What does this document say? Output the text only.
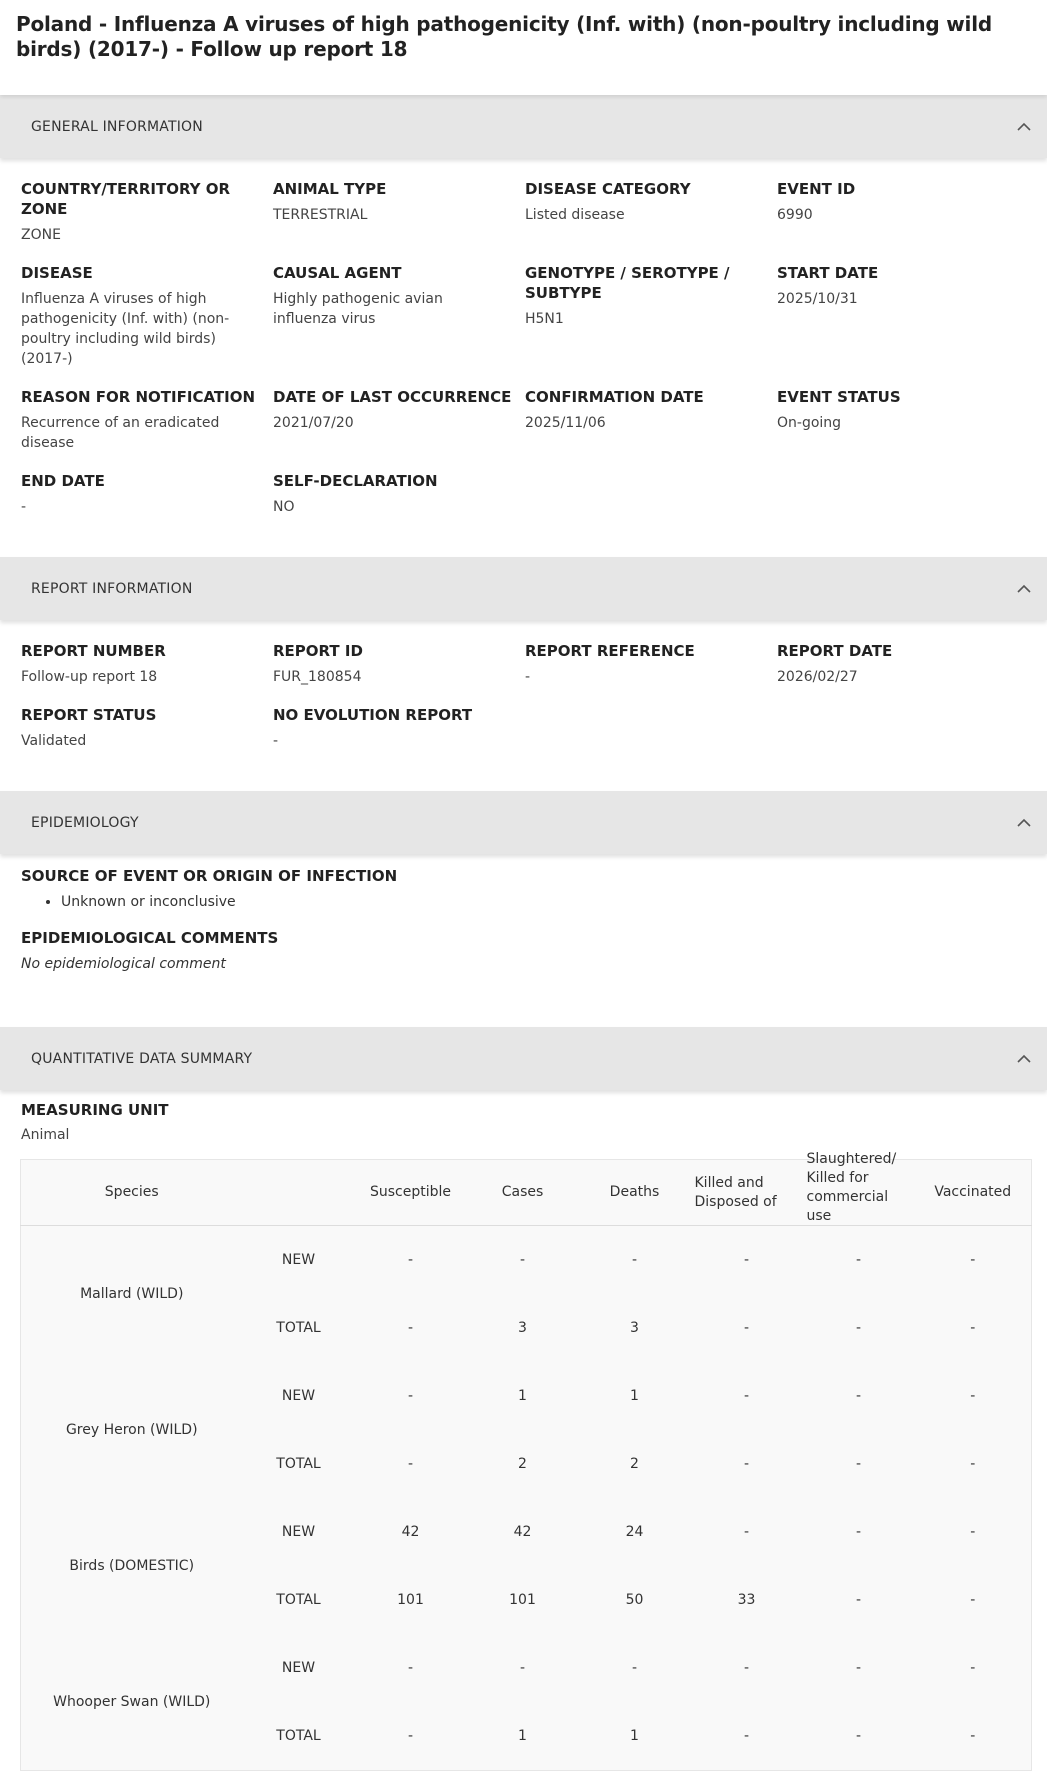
Poland - Influenza A viruses of high pathogenicity (Inf. with) (non-poultry including wild birds) (2017-) - Follow up report 18
GENERAL INFORMATION
COUNTRY/TERRITORY OR ZONE
ZONE
ANIMAL TYPE
TERRESTRIAL
DISEASE CATEGORY
Listed disease
EVENT ID
6990
DISEASE
Influenza A viruses of high pathogenicity (Inf. with) (non-poultry including wild birds) (2017-)
CAUSAL AGENT
Highly pathogenic avian influenza virus
GENOTYPE / SEROTYPE / SUBTYPE
H5N1
START DATE
2025/10/31
REASON FOR NOTIFICATION
Recurrence of an eradicated disease
DATE OF LAST OCCURRENCE
2021/07/20
CONFIRMATION DATE
2025/11/06
EVENT STATUS
On-going
END DATE
-
SELF-DECLARATION
NO
REPORT INFORMATION
REPORT NUMBER
Follow-up report 18
REPORT ID
FUR_180854
REPORT REFERENCE
-
REPORT DATE
2026/02/27
REPORT STATUS
Validated
NO EVOLUTION REPORT
-
EPIDEMIOLOGY
SOURCE OF EVENT OR ORIGIN OF INFECTION
• Unknown or inconclusive
EPIDEMIOLOGICAL COMMENTS
No epidemiological comment
QUANTITATIVE DATA SUMMARY
MEASURING UNIT
Animal
Species		Susceptible	Cases	Deaths	Killed and Disposed of	Slaughtered/ Killed for commercial use	Vaccinated
Mallard (WILD)	NEW	-	-	-	-	-	-
	TOTAL	-	3	3	-	-	-
Grey Heron (WILD)	NEW	-	1	1	-	-	-
	TOTAL	-	2	2	-	-	-
Birds (DOMESTIC)	NEW	42	42	24	-	-	-
	TOTAL	101	101	50	33	-	-
Whooper Swan (WILD)	NEW	-	-	-	-	-	-
	TOTAL	-	1	1	-	-	-
